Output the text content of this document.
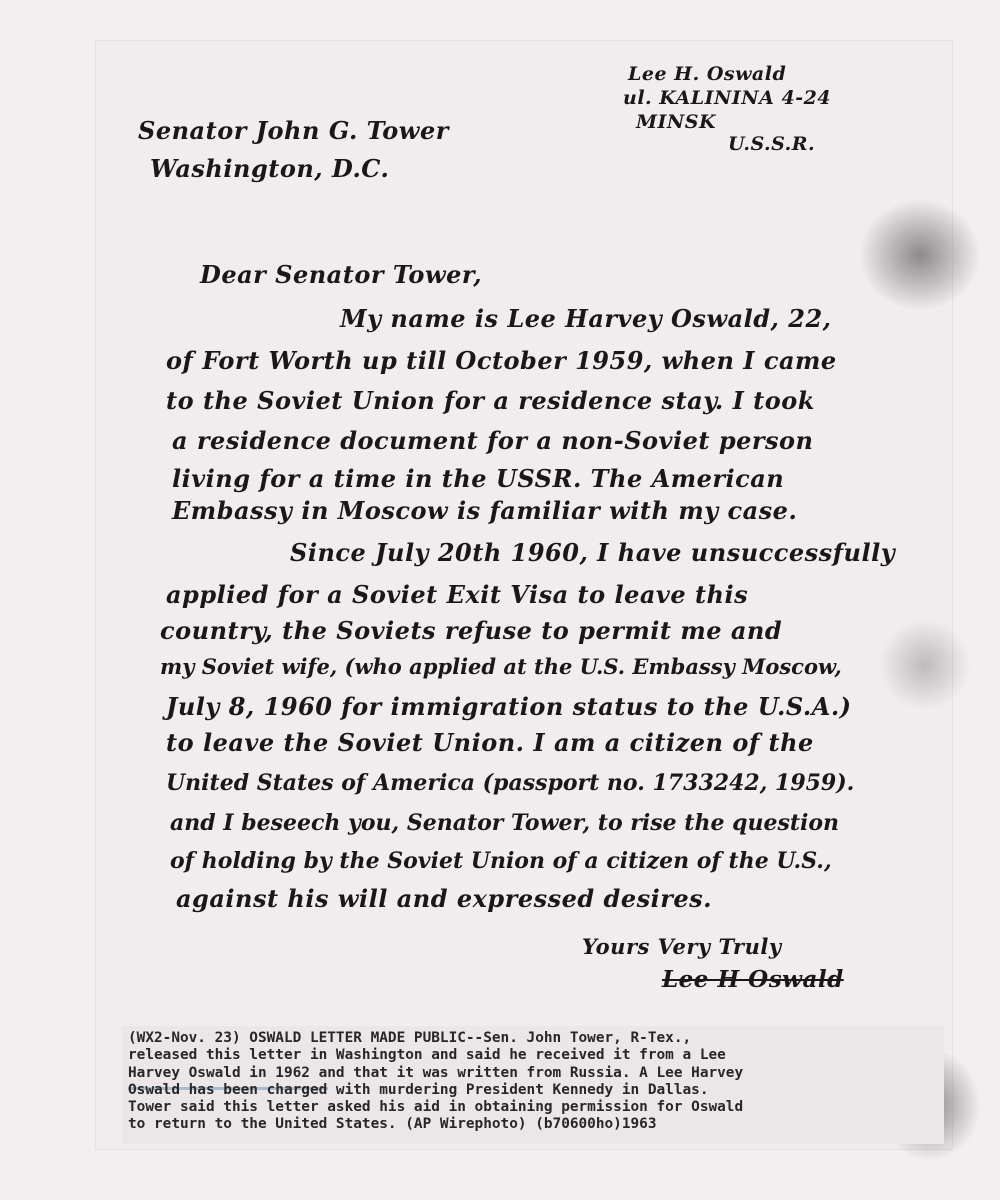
Lee H. Oswald
ul. KALININA 4-24
MINSK
U.S.S.R.
Senator John G. Tower
Washington, D.C.
Dear Senator Tower,
My name is Lee Harvey Oswald, 22,
of Fort Worth up till October 1959, when I came
to the Soviet Union for a residence stay. I took
a residence document for a non-Soviet person
living for a time in the USSR. The American
Embassy in Moscow is familiar with my case.
Since July 20th 1960, I have unsuccessfully
applied for a Soviet Exit Visa to leave this
country, the Soviets refuse to permit me and
my Soviet wife, (who applied at the U.S. Embassy Moscow,
July 8, 1960 for immigration status to the U.S.A.)
to leave the Soviet Union. I am a citizen of the
United States of America (passport no. 1733242, 1959).
and I beseech you, Senator Tower, to rise the question
of holding by the Soviet Union of a citizen of the U.S.,
against his will and expressed desires.
Yours Very Truly
Lee H Oswald
(WX2-Nov. 23) OSWALD LETTER MADE PUBLIC--Sen. John Tower, R-Tex.,
released this letter in Washington and said he received it from a Lee
Harvey Oswald in 1962 and that it was written from Russia. A Lee Harvey
Oswald has been charged with murdering President Kennedy in Dallas.
Tower said this letter asked his aid in obtaining permission for Oswald
to return to the United States. (AP Wirephoto) (b70600ho)1963
